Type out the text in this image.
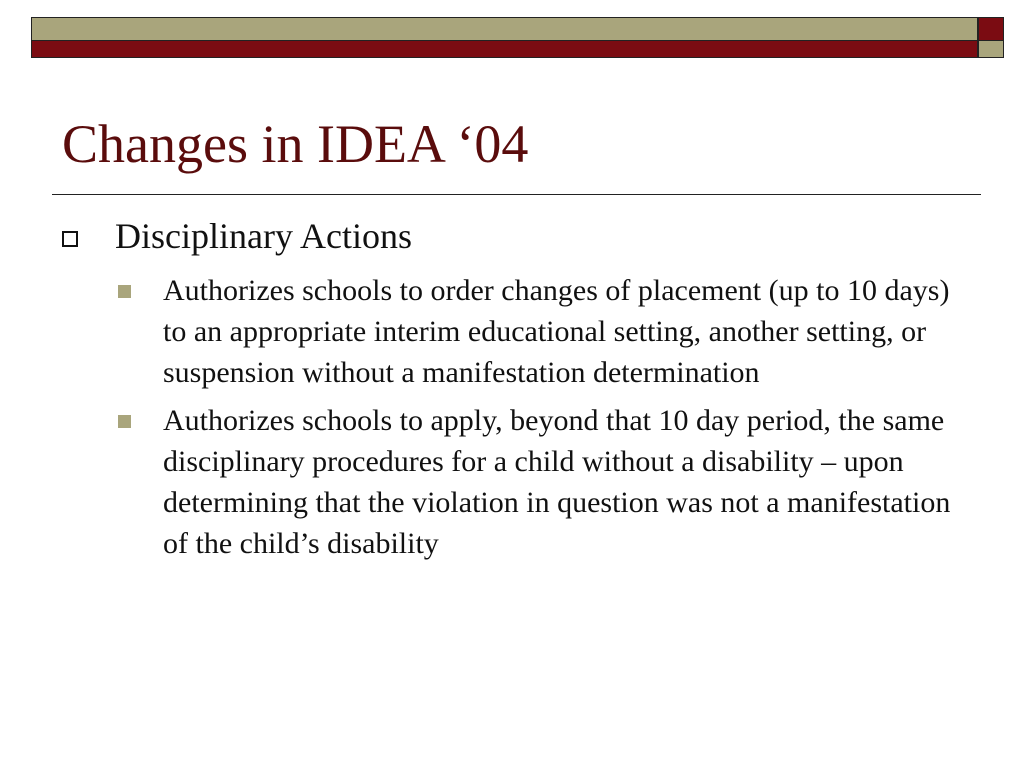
Changes in IDEA ‘04
Disciplinary Actions
Authorizes schools to order changes of placement (up to 10 days) to an appropriate interim educational setting, another setting, or suspension without a manifestation determination
Authorizes schools to apply, beyond that 10 day period, the same disciplinary procedures for a child without a disability – upon determining that the violation in question was not a manifestation of the child’s disability
